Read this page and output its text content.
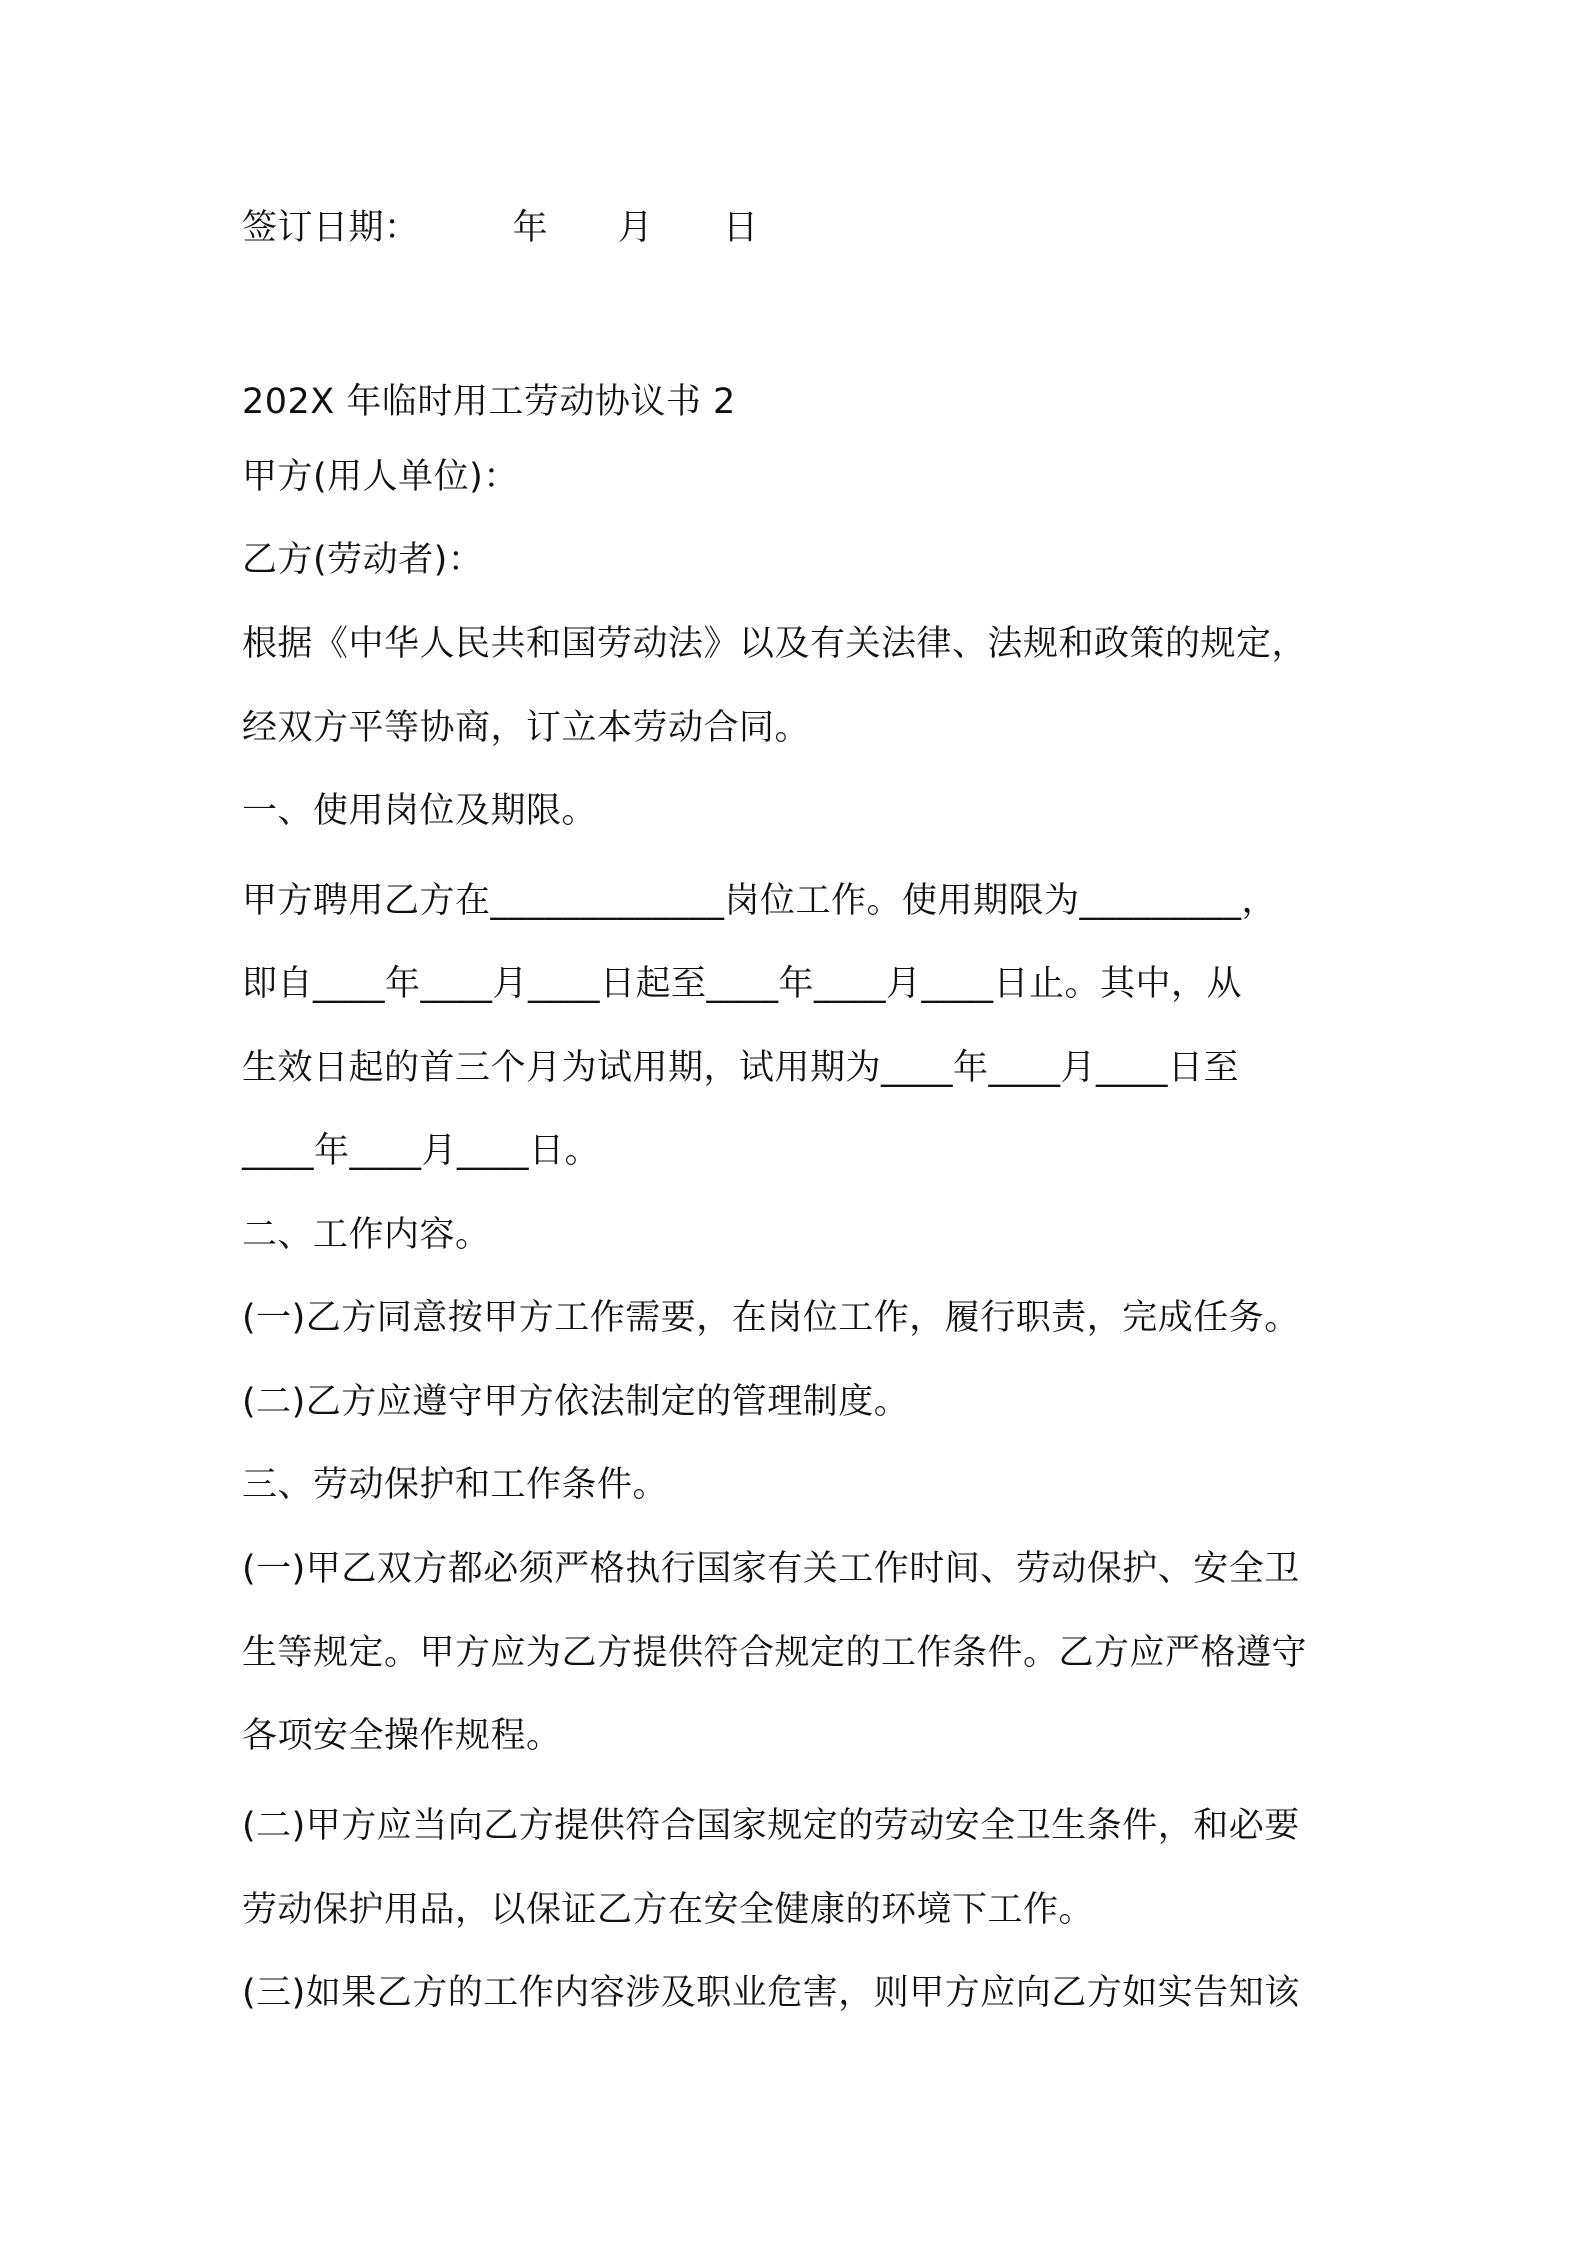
签订日期：        年      月      日
202X 年临时用工劳动协议书 2
甲方(用人单位)：
乙方(劳动者)：
根据《中华人民共和国劳动法》以及有关法律、法规和政策的规定，
经双方平等协商，订立本劳动合同。
一、使用岗位及期限。
甲方聘用乙方在_____________岗位工作。使用期限为_________，
即自____年____月____日起至____年____月____日止。其中，从
生效日起的首三个月为试用期，试用期为____年____月____日至
____年____月____日。
二、工作内容。
(一)乙方同意按甲方工作需要，在岗位工作，履行职责，完成任务。
(二)乙方应遵守甲方依法制定的管理制度。
三、劳动保护和工作条件。
(一)甲乙双方都必须严格执行国家有关工作时间、劳动保护、安全卫
生等规定。甲方应为乙方提供符合规定的工作条件。乙方应严格遵守
各项安全操作规程。
(二)甲方应当向乙方提供符合国家规定的劳动安全卫生条件，和必要
劳动保护用品，以保证乙方在安全健康的环境下工作。
(三)如果乙方的工作内容涉及职业危害，则甲方应向乙方如实告知该
